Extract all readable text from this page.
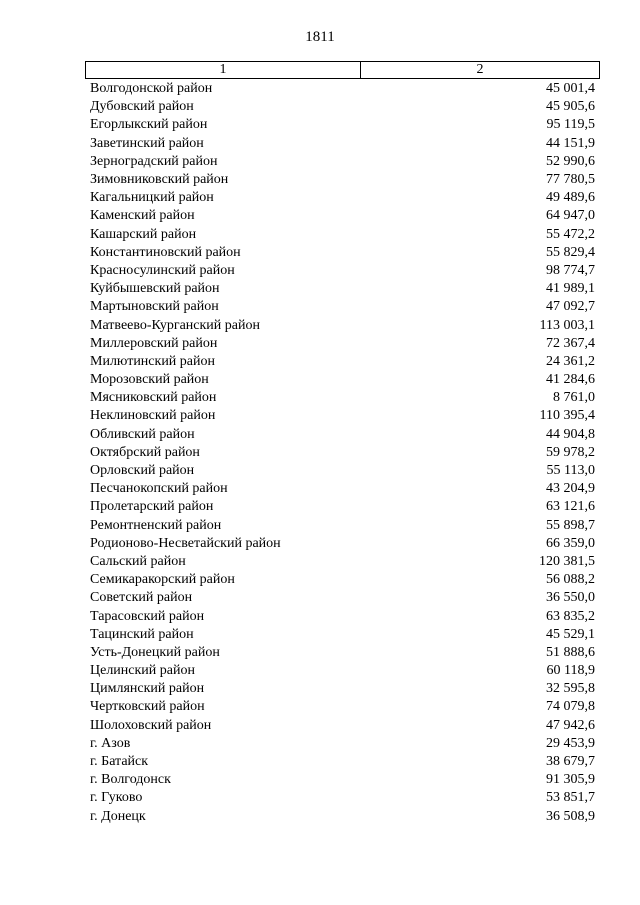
1811
1	2
Волгодонской район	45 001,4
Дубовский район	45 905,6
Егорлыкский район	95 119,5
Заветинский район	44 151,9
Зерноградский район	52 990,6
Зимовниковский район	77 780,5
Кагальницкий район	49 489,6
Каменский район	64 947,0
Кашарский район	55 472,2
Константиновский район	55 829,4
Красносулинский район	98 774,7
Куйбышевский район	41 989,1
Мартыновский район	47 092,7
Матвеево-Курганский район	113 003,1
Миллеровский район	72 367,4
Милютинский район	24 361,2
Морозовский район	41 284,6
Мясниковский район	8 761,0
Неклиновский район	110 395,4
Обливский район	44 904,8
Октябрский район	59 978,2
Орловский район	55 113,0
Песчанокопский район	43 204,9
Пролетарский район	63 121,6
Ремонтненский район	55 898,7
Родионово-Несветайский район	66 359,0
Сальский район	120 381,5
Семикаракорский район	56 088,2
Советский район	36 550,0
Тарасовский район	63 835,2
Тацинский район	45 529,1
Усть-Донецкий район	51 888,6
Целинский район	60 118,9
Цимлянский район	32 595,8
Чертковский район	74 079,8
Шолоховский район	47 942,6
г. Азов	29 453,9
г. Батайск	38 679,7
г. Волгодонск	91 305,9
г. Гуково	53 851,7
г. Донецк	36 508,9
